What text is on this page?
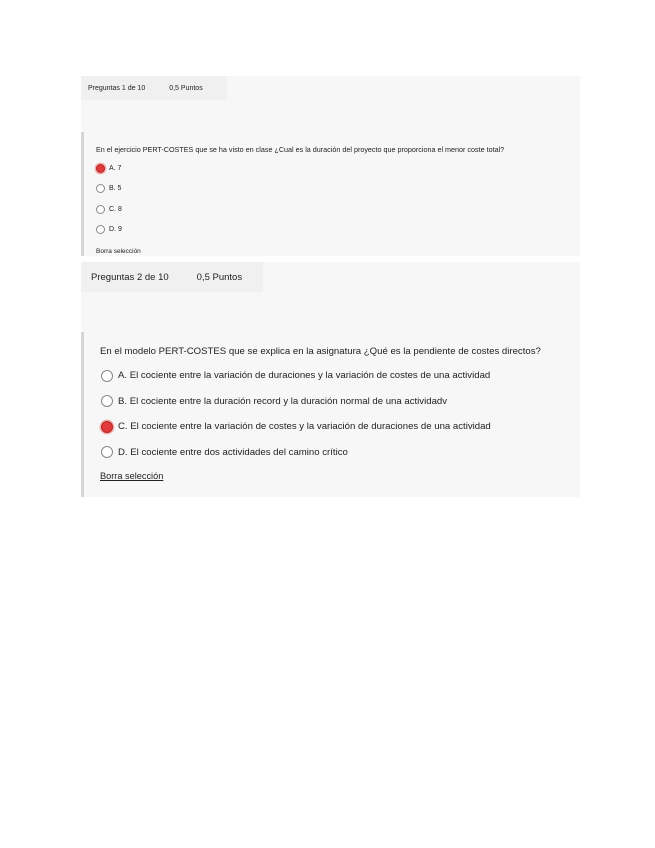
Preguntas 1 de 10	0,5 Puntos
En el ejercicio PERT-COSTES que se ha visto en clase ¿Cual es la duración del proyecto que proporciona el menor coste total?
A. 7
B. 5
C. 8
D. 9
Borra selección
Preguntas 2 de 10	0,5 Puntos
En el modelo PERT-COSTES que se explica en la asignatura ¿Qué es la pendiente de costes directos?
A. El cociente entre la variación de duraciones y la variación de costes de una actividad
B. El cociente entre la duración record y la duración normal de una actividadv
C. El cociente entre la variación de costes y la variación de duraciones de una actividad
D. El cociente entre dos actividades del camino crítico
Borra selección
